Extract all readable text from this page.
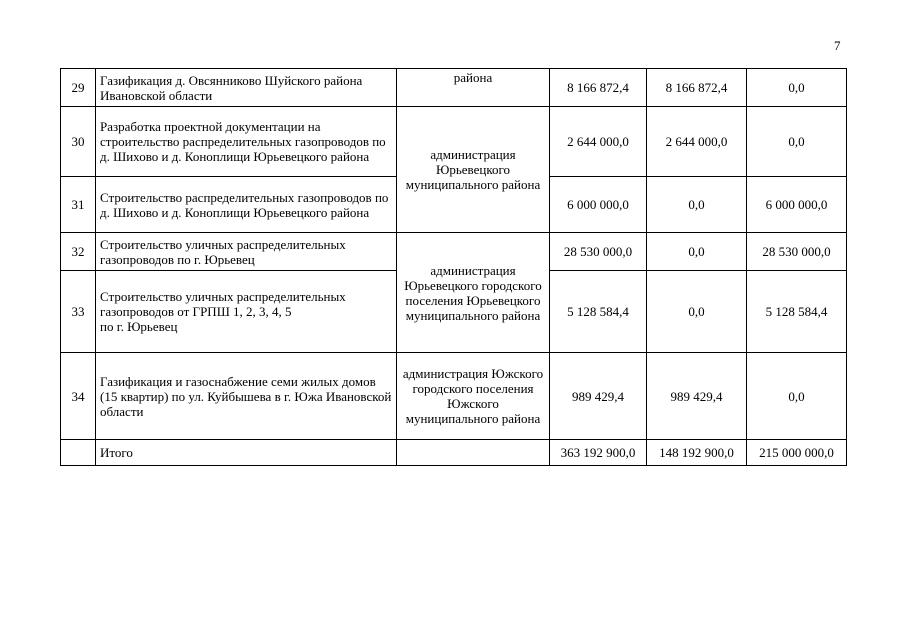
7
29	Газификация д. Овсянниково Шуйского района Ивановской области	района	8 166 872,4	8 166 872,4	0,0
30	Разработка проектной документации на строительство распределительных газопроводов по д. Шихово и д. Коноплищи Юрьевецкого района	администрация Юрьевецкого муниципального района	2 644 000,0	2 644 000,0	0,0
31	Строительство распределительных газопроводов по д. Шихово и д. Коноплищи Юрьевецкого района		6 000 000,0	0,0	6 000 000,0
32	Строительство уличных распределительных газопроводов по г. Юрьевец	администрация Юрьевецкого городского поселения Юрьевецкого муниципального района	28 530 000,0	0,0	28 530 000,0
33	Строительство уличных распределительных
газопроводов от ГРПШ 1, 2, 3, 4, 5
по г. Юрьевец		5 128 584,4	0,0	5 128 584,4
34	Газификация и газоснабжение семи жилых домов (15 квартир) по ул. Куйбышева в г. Южа Ивановской области	администрация Южского городского поселения Южского муниципального района	989 429,4	989 429,4	0,0
	Итого		363 192 900,0	148 192 900,0	215 000 000,0
